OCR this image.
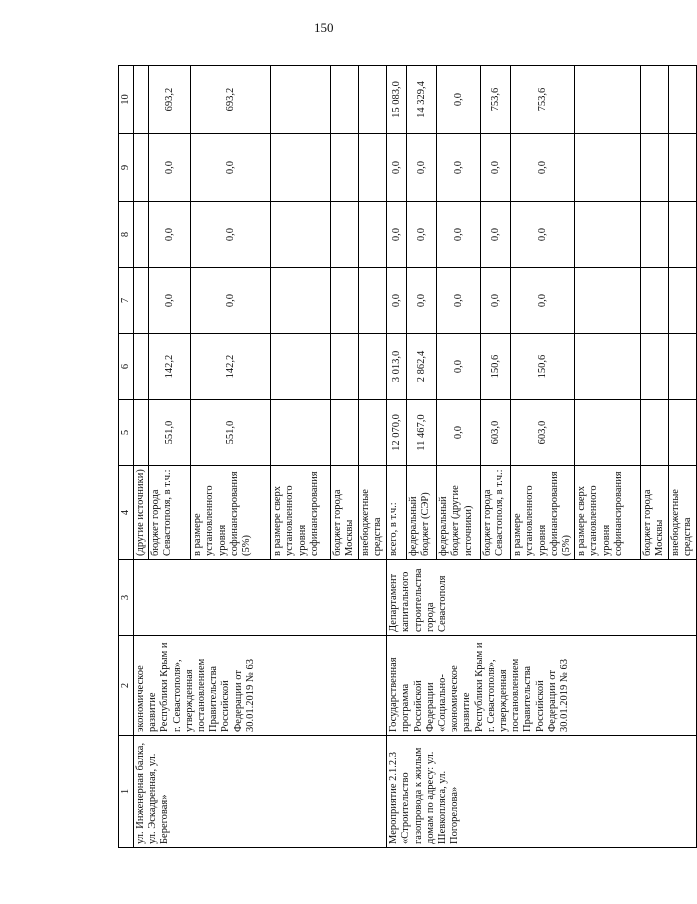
150
1	2	3	4	5	6	7	8	9	10
ул. Инженерная балка, ул. Эскадренная, ул. Береговая»	экономическое развитие Республики Крым и г. Севастополя», утвержденная постановлением Правительства Российской Федерации от 30.01.2019 № 63		(другие источники)						
			бюджет города Севастополя, в т.ч.:	551,0	142,2	0,0	0,0	0,0	693,2
			в размере установленного уровня софинансирования (5%)	551,0	142,2	0,0	0,0	0,0	693,2
			в размере сверх установленного уровня софинансирования						
			бюджет города Москвы						
			внебюджетные средства						
Мероприятие 2.1.2.3 «Строительство газопровода к жилым домам по адресу: ул. Шевкопляса, ул. Погорелова»	Государственная программа Российской Федерации «Социально-экономическое развитие Республики Крым и г. Севастополя», утвержденная постановлением Правительства Российской Федерации от 30.01.2019 № 63	Департамент капитального строительства города Севастополя	всего, в т.ч.:	12 070,0	3 013,0	0,0	0,0	0,0	15 083,0
			федеральный бюджет (СЭР)	11 467,0	2 862,4	0,0	0,0	0,0	14 329,4
			федеральный бюджет (другие источники)	0,0	0,0	0,0	0,0	0,0	0,0
			бюджет города Севастополя, в т.ч.:	603,0	150,6	0,0	0,0	0,0	753,6
			в размере установленного уровня софинансирования (5%)	603,0	150,6	0,0	0,0	0,0	753,6
			в размере сверх установленного уровня софинансирования						
			бюджет города Москвы						
			внебюджетные средства						
